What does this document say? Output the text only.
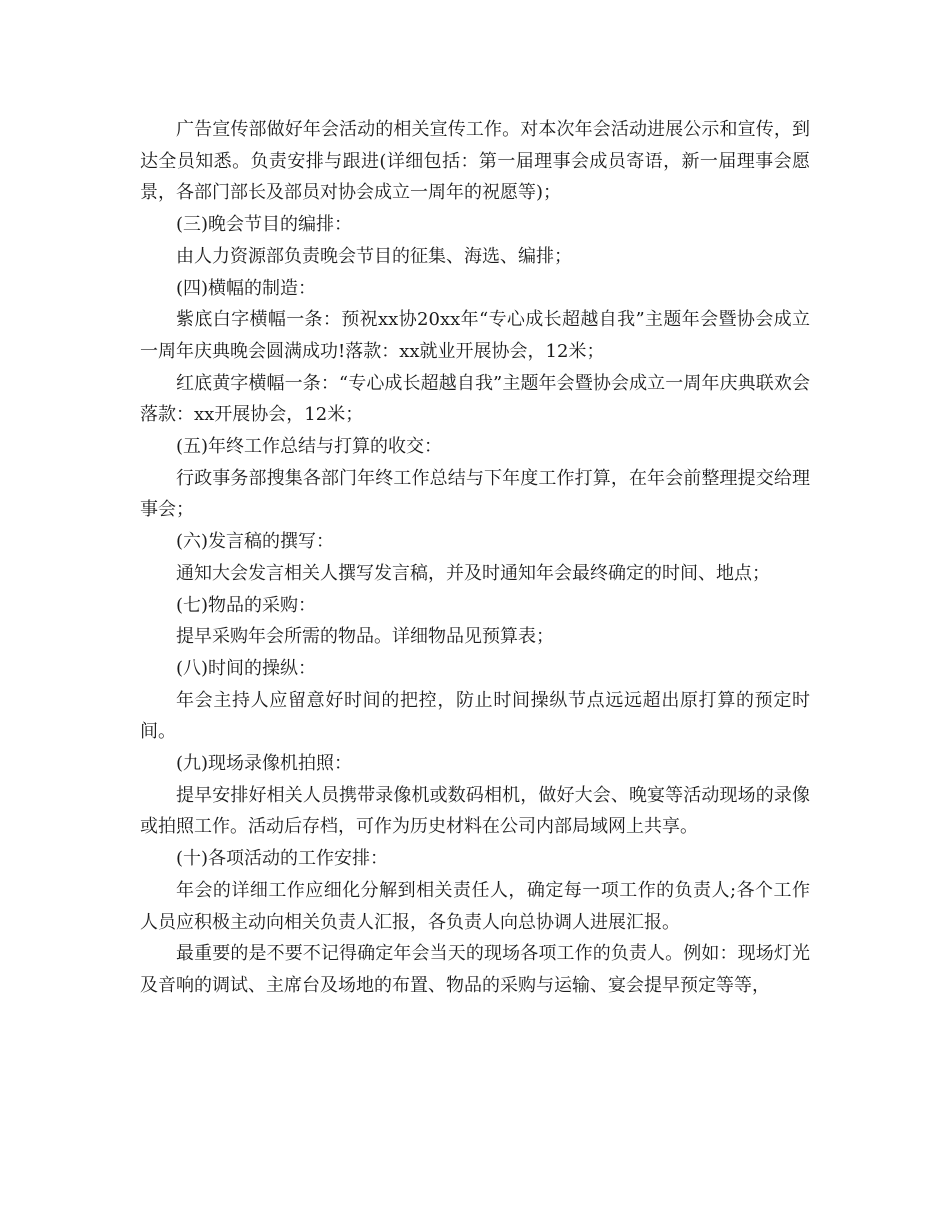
广告宣传部做好年会活动的相关宣传工作。对本次年会活动进展公示和宣传，到达全员知悉。负责安排与跟进(详细包括：第一届理事会成员寄语，新一届理事会愿景，各部门部长及部员对协会成立一周年的祝愿等)；

(三)晚会节目的编排：

由人力资源部负责晚会节目的征集、海选、编排；

(四)横幅的制造：

紫底白字横幅一条：预祝xx协20xx年“专心成长超越自我”主题年会暨协会成立一周年庆典晚会圆满成功!落款：xx就业开展协会，12米；

红底黄字横幅一条：“专心成长超越自我”主题年会暨协会成立一周年庆典联欢会落款：xx开展协会，12米；

(五)年终工作总结与打算的收交：

行政事务部搜集各部门年终工作总结与下年度工作打算，在年会前整理提交给理事会；

(六)发言稿的撰写：

通知大会发言相关人撰写发言稿，并及时通知年会最终确定的时间、地点；

(七)物品的采购：

提早采购年会所需的物品。详细物品见预算表；

(八)时间的操纵：

年会主持人应留意好时间的把控，防止时间操纵节点远远超出原打算的预定时间。

(九)现场录像机拍照：

提早安排好相关人员携带录像机或数码相机，做好大会、晚宴等活动现场的录像或拍照工作。活动后存档，可作为历史材料在公司内部局域网上共享。

(十)各项活动的工作安排：

年会的详细工作应细化分解到相关责任人，确定每一项工作的负责人;各个工作人员应积极主动向相关负责人汇报，各负责人向总协调人进展汇报。

最重要的是不要不记得确定年会当天的现场各项工作的负责人。例如：现场灯光及音响的调试、主席台及场地的布置、物品的采购与运输、宴会提早预定等等，
